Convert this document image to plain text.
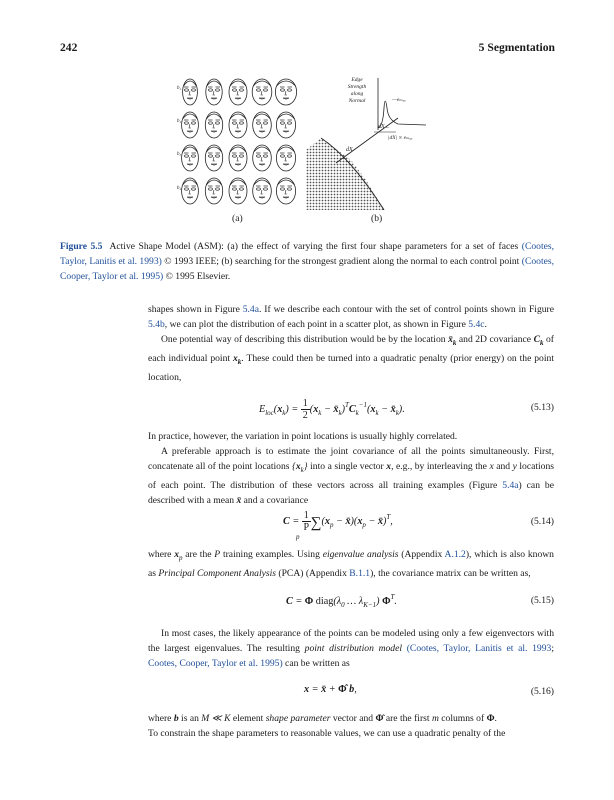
242	5 Segmentation
b₁
b₂
b₃
b₄
Edge
Strength
along
Normal	—eₘₐₓ
dX←
|dX| ∝ eₘₐₓ
dX
(a)	(b)
Figure 5.5 Active Shape Model (ASM): (a) the effect of varying the first four shape parameters for a set of faces (Cootes, Taylor, Lanitis et al. 1993) © 1993 IEEE; (b) searching for the strongest gradient along the normal to each control point (Cootes, Cooper, Taylor et al. 1995) © 1995 Elsevier.

shapes shown in Figure 5.4a. If we describe each contour with the set of control points shown in Figure 5.4b, we can plot the distribution of each point in a scatter plot, as shown in Figure 5.4c.

One potential way of describing this distribution would be by the location $x̄_k$ and 2D covariance $C_k$ of each individual point $x_k$. These could then be turned into a quadratic penalty (prior energy) on the point location,

$E_{loc}(x_k) = \frac{1}{2} (x_k$ − $x̄_k)^TC_k^{-1}(x_k$ − $x̄_k$).	(5.13)

In practice, however, the variation in point locations is usually highly correlated.

A preferable approach is to estimate the joint covariance of all the points simultaneously. First, concatenate all of the point locations $\{x_k\}$ into a single vector x, e.g., by interleaving the x and y locations of each point. The distribution of these vectors across all training examples (Figure 5.4a) can be described with a mean x̄ and a covariance

$C = \frac{1}{P} \sum(x_p$ − $x̄)(x_p$ − x̄)$^T$,
p
(5.14)

where $x_p$ are the P training examples. Using eigenvalue analysis (Appendix A.1.2), which is also known as Principal Component Analysis (PCA) (Appendix B.1.1), the covariance matrix can be written as,

C = Φ $diag(\lambda_0$ … $\lambda_{K-1}$) $\Phi^T$.	(5.15)

In most cases, the likely appearance of the points can be modeled using only a few eigenvectors with the largest eigenvalues. The resulting point distribution model (Cootes, Taylor, Lanitis et al. 1993; Cootes, Cooper, Taylor et al. 1995) can be written as

x = x̄ + Φ̂ b,	(5.16)

where b is an M ≪ K element shape parameter vector and Φ̂ are the first m columns of Φ.

To constrain the shape parameters to reasonable values, we can use a quadratic penalty of the
